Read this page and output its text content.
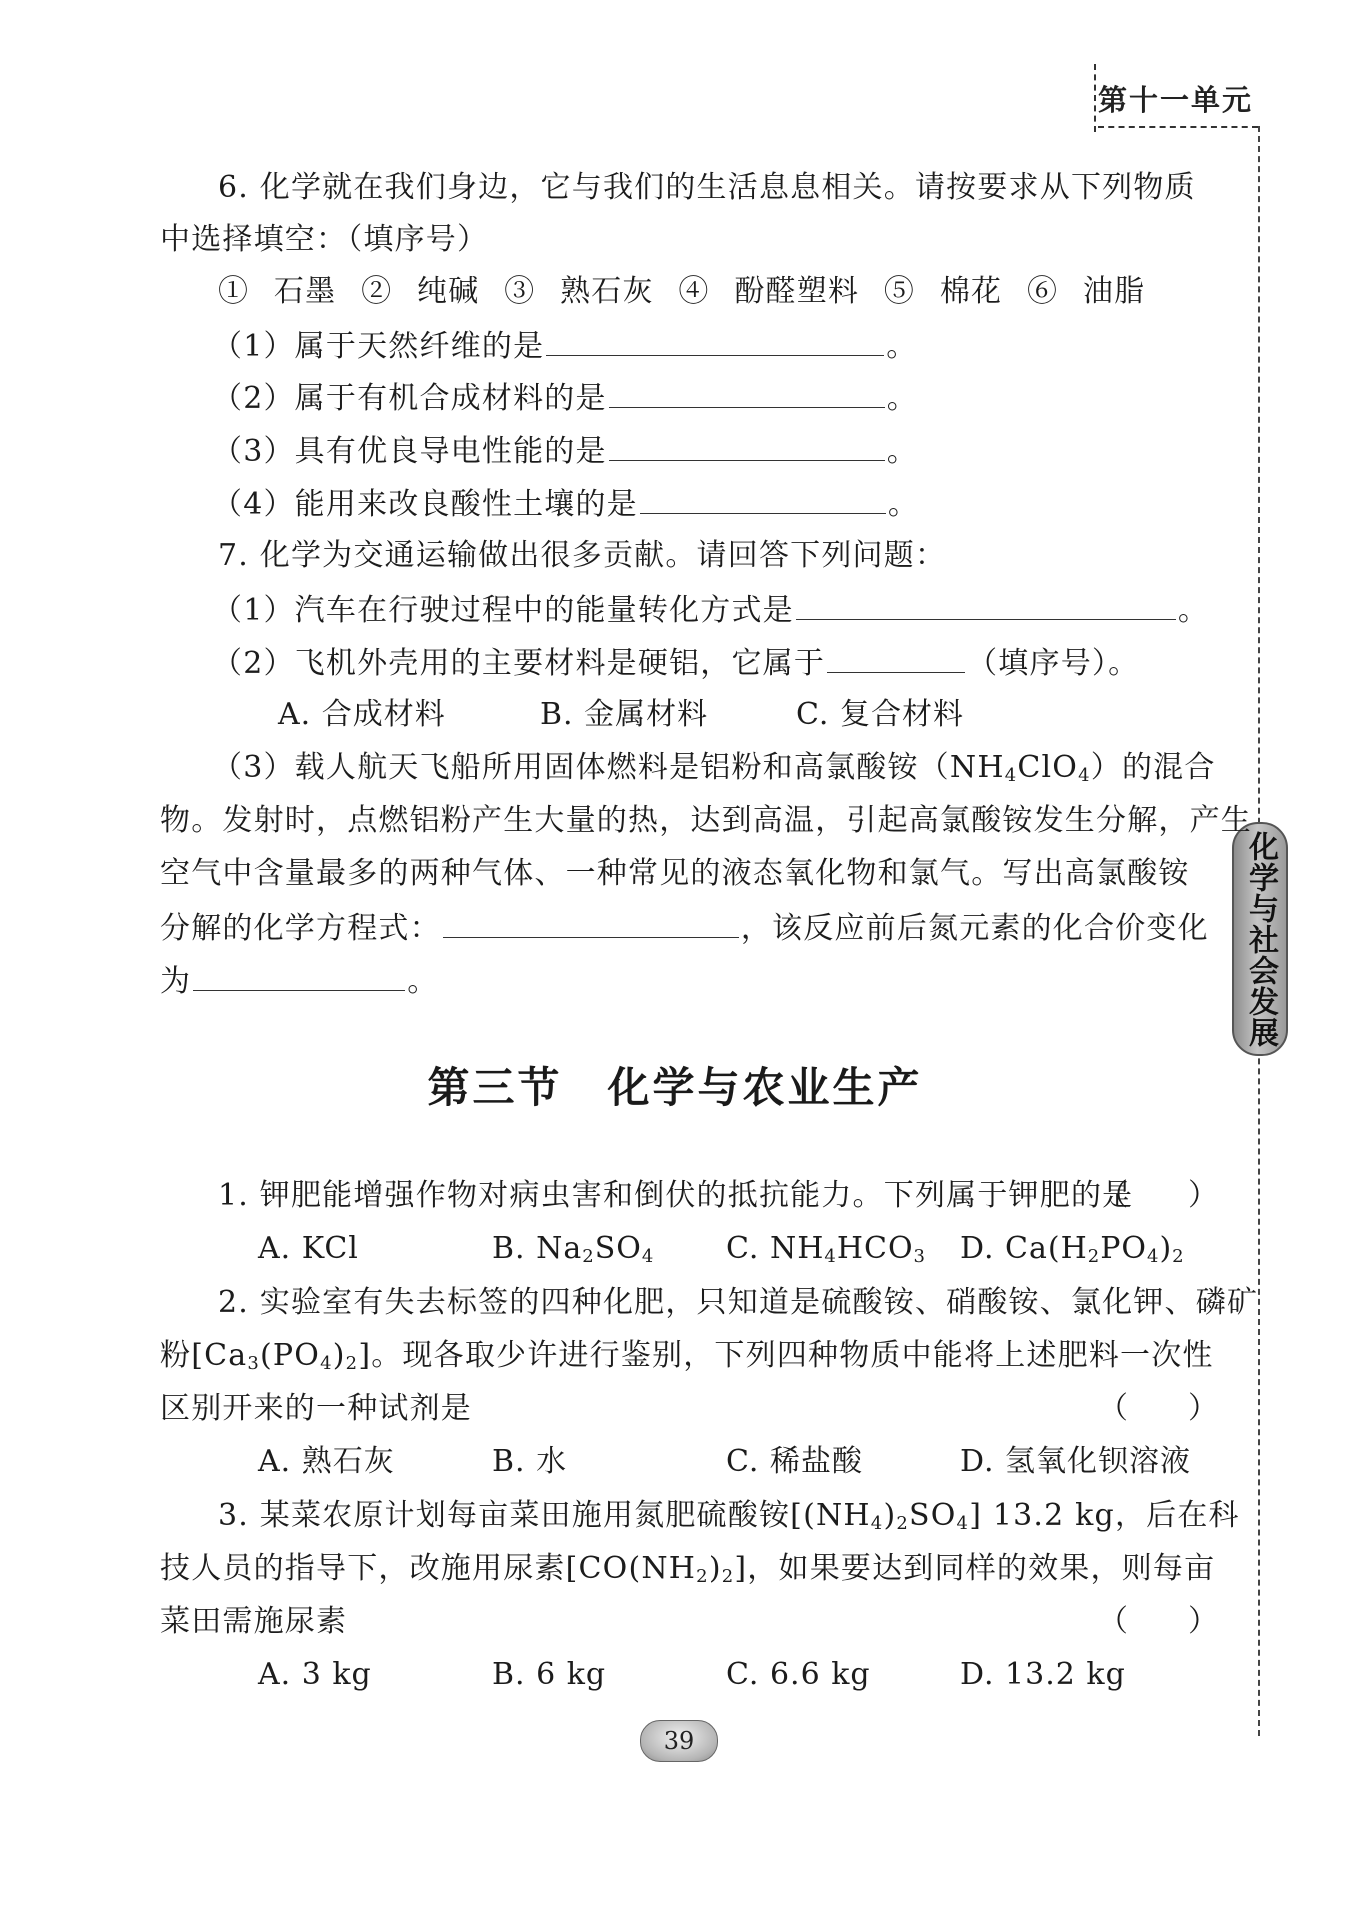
第十一单元
化学与社会发展
6. 化学就在我们身边，它与我们的生活息息相关。请按要求从下列物质
中选择填空：（填序号）
① 石墨 ② 纯碱 ③ 熟石灰 ④ 酚醛塑料 ⑤ 棉花 ⑥ 油脂
（1）属于天然纤维的是	。
（2）属于有机合成材料的是	。
（3）具有优良导电性能的是	。
（4）能用来改良酸性土壤的是	。
7. 化学为交通运输做出很多贡献。请回答下列问题：
（1）汽车在行驶过程中的能量转化方式是	。
（2）飞机外壳用的主要材料是硬铝，它属于	（填序号）。
A. 合成材料	B. 金属材料	C. 复合材料
（3）载人航天飞船所用固体燃料是铝粉和高氯酸铵$(NH_4ClO_4)$的混合
物。发射时，点燃铝粉产生大量的热，达到高温，引起高氯酸铵发生分解，产生
空气中含量最多的两种气体、一种常见的液态氧化物和氯气。写出高氯酸铵
分解的化学方程式：	，该反应前后氮元素的化合价变化
为	。
第三节　化学与农业生产
1. 钾肥能增强作物对病虫害和倒伏的抵抗能力。下列属于钾肥的是
（　　）
A. KCl	B. $Na_2SO_4$ C. $NH_4HCO_3$ D. $Ca(H_2PO_4)_2$
2. 实验室有失去标签的四种化肥，只知道是硫酸铵、硝酸铵、氯化钾、磷矿
粉$[Ca_3(PO_4)_2]$。现各取少许进行鉴别，下列四种物质中能将上述肥料一次性
区别开来的一种试剂是	（　　）
A. 熟石灰	B. 水	C. 稀盐酸	D. 氢氧化钡溶液
3. 某菜农原计划每亩菜田施用氮肥硫酸铵$[(NH_4)_2SO_4]$ 13.2 kg，后在科
技人员的指导下，改施用尿素$[CO(NH_2)_2]$，如果要达到同样的效果，则每亩
菜田需施尿素	（　　）
A. 3 kg	B. 6 kg	C. 6.6 kg	D. 13.2 kg
39
